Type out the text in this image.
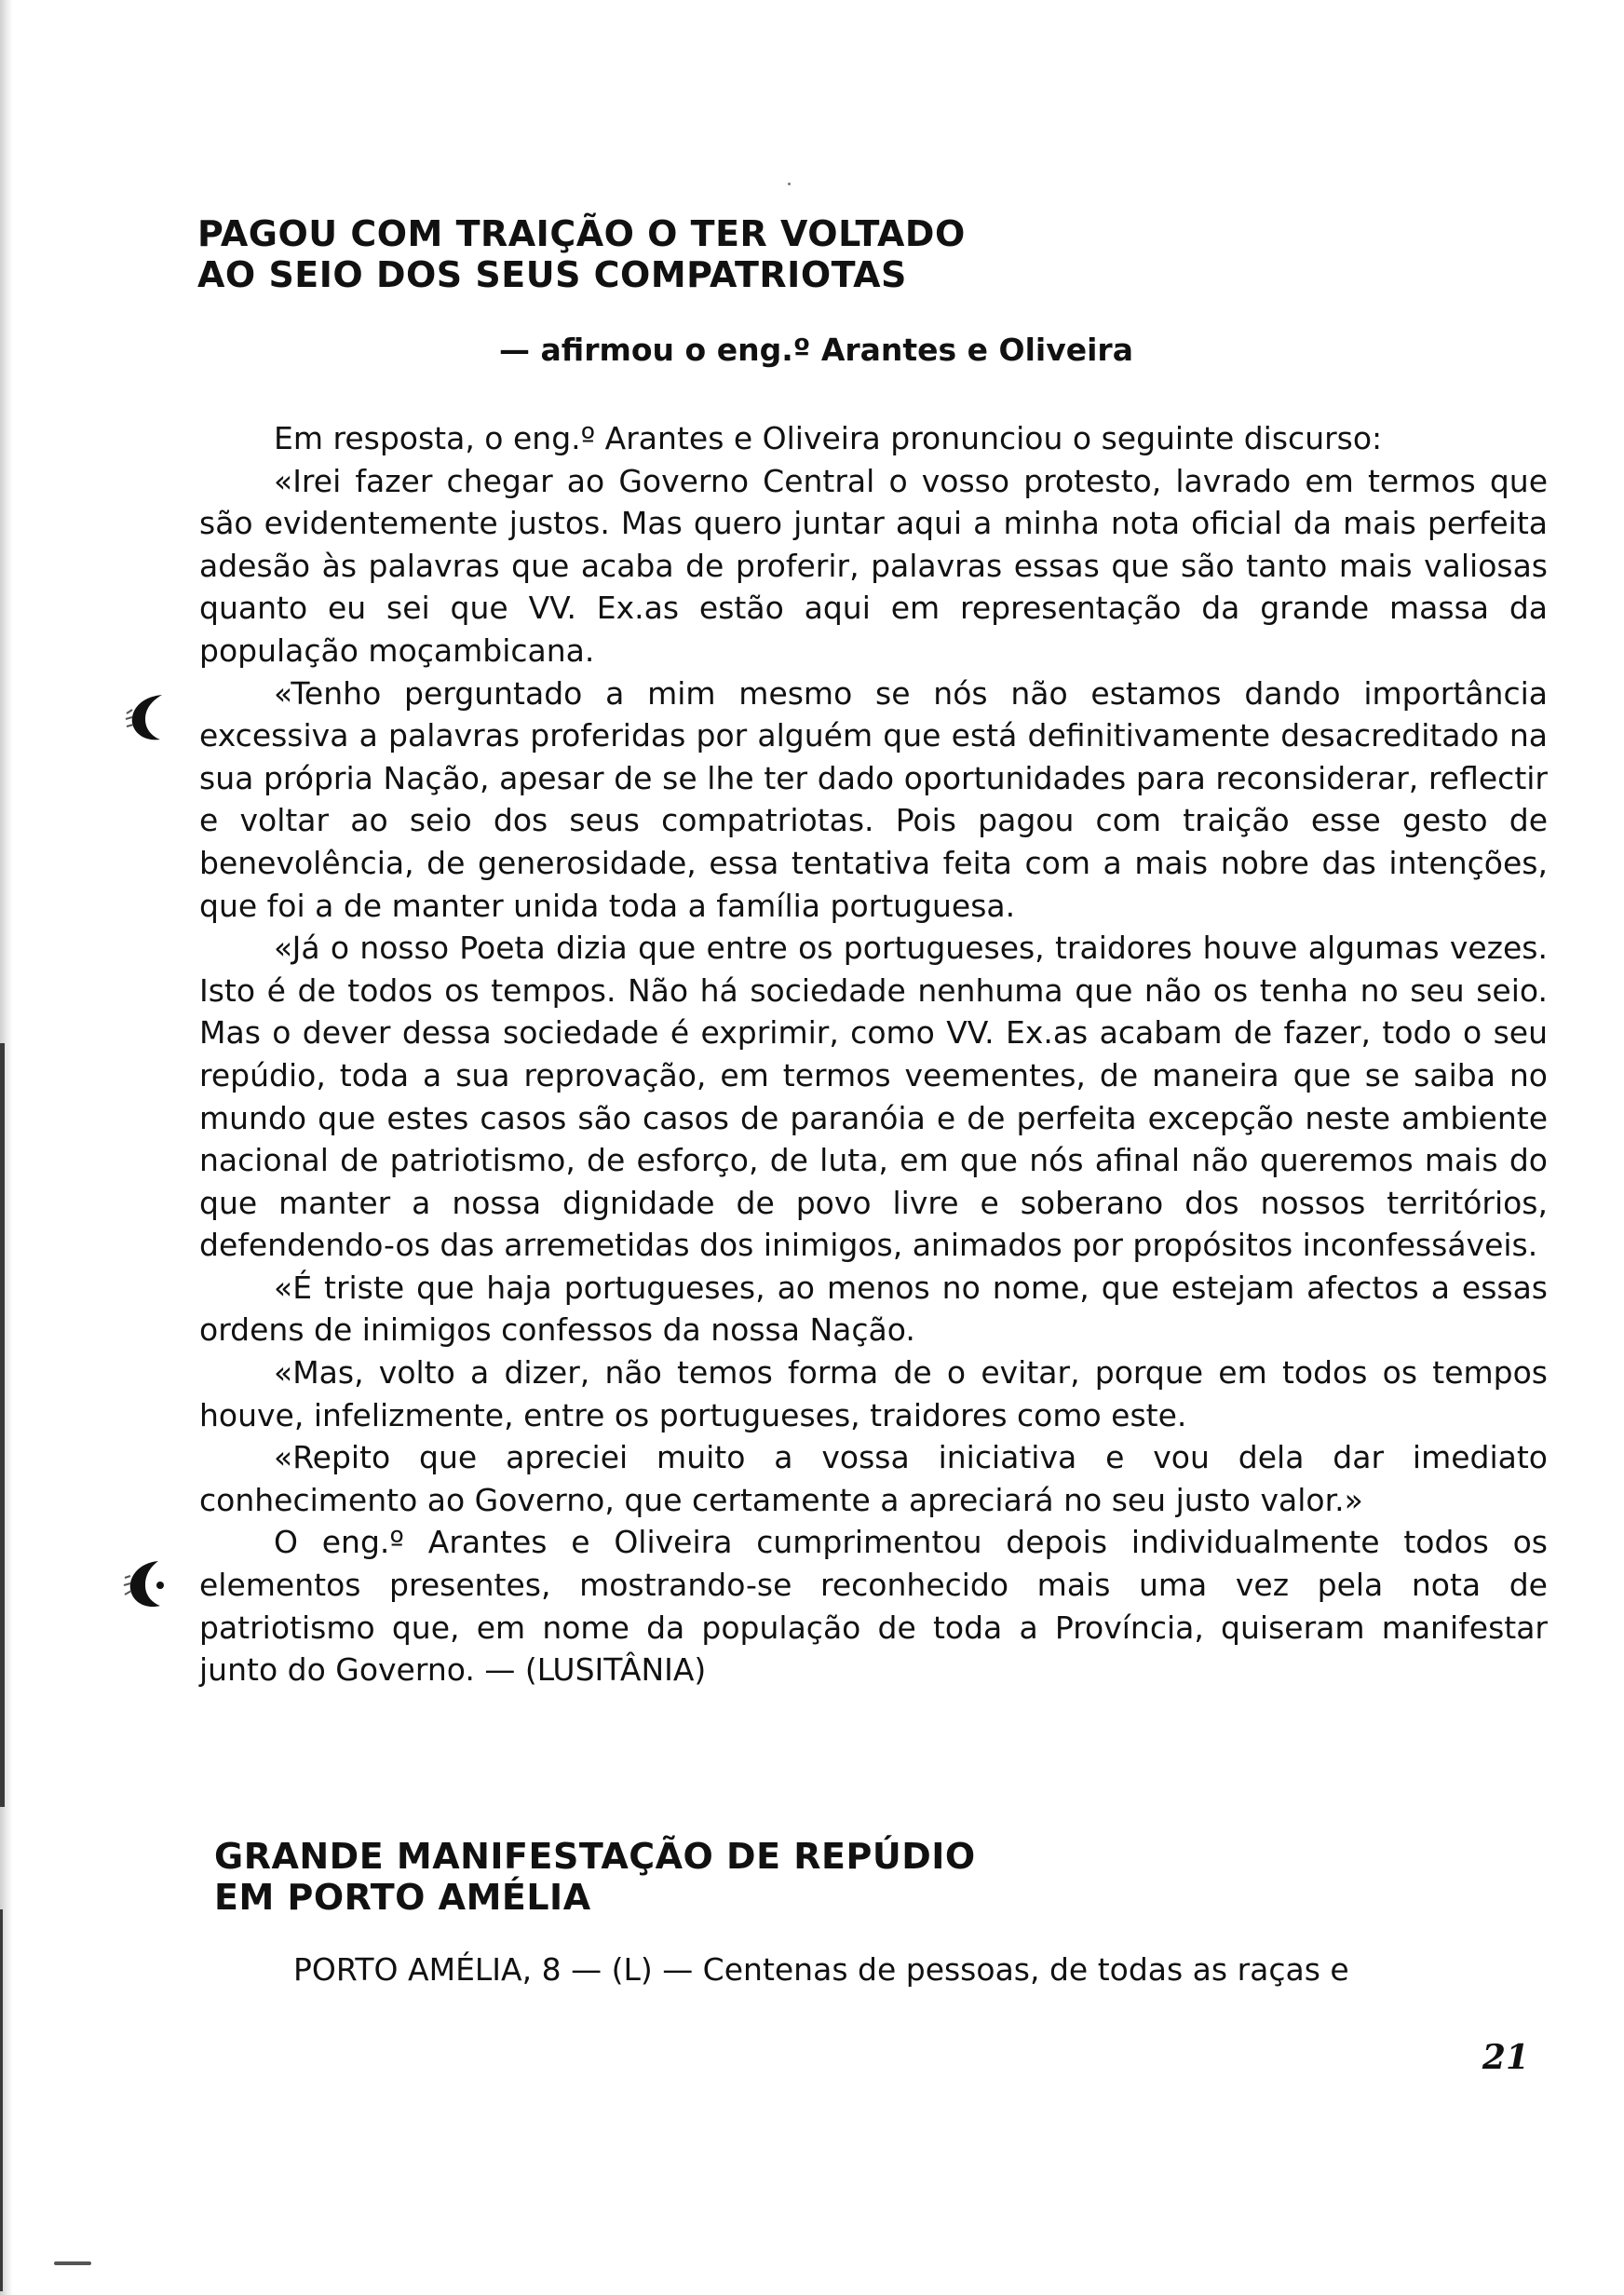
PAGOU COM TRAIÇÃO O TER VOLTADO
AO SEIO DOS SEUS COMPATRIOTAS
— afirmou o eng.º Arantes e Oliveira

Em resposta, o eng.º Arantes e Oliveira pronunciou o seguinte discurso:

«Irei fazer chegar ao Governo Central o vosso protesto, lavrado em termos que são evidentemente justos. Mas quero juntar aqui a minha nota oficial da mais perfeita adesão às palavras que acaba de proferir, palavras essas que são tanto mais valiosas quanto eu sei que VV. Ex.as estão aqui em representação da grande massa da população moçambicana.

«Tenho perguntado a mim mesmo se nós não estamos dando importância excessiva a palavras proferidas por alguém que está definitivamente desacreditado na sua própria Nação, apesar de se lhe ter dado oportunidades para reconsiderar, reflectir e voltar ao seio dos seus compatriotas. Pois pagou com traição esse gesto de benevolência, de generosidade, essa tentativa feita com a mais nobre das intenções, que foi a de manter unida toda a família portuguesa.

«Já o nosso Poeta dizia que entre os portugueses, traidores houve algumas vezes. Isto é de todos os tempos. Não há sociedade nenhuma que não os tenha no seu seio. Mas o dever dessa sociedade é exprimir, como VV. Ex.as acabam de fazer, todo o seu repúdio, toda a sua reprovação, em termos veementes, de maneira que se saiba no mundo que estes casos são casos de paranóia e de perfeita excepção neste ambiente nacional de patriotismo, de esforço, de luta, em que nós afinal não queremos mais do que manter a nossa dignidade de povo livre e soberano dos nossos territórios, defendendo-os das arremetidas dos inimigos, animados por propósitos inconfessáveis.

«É triste que haja portugueses, ao menos no nome, que estejam afectos a essas ordens de inimigos confessos da nossa Nação.

«Mas, volto a dizer, não temos forma de o evitar, porque em todos os tempos houve, infelizmente, entre os portugueses, traidores como este.

«Repito que apreciei muito a vossa iniciativa e vou dela dar imediato conhecimento ao Governo, que certamente a apreciará no seu justo valor.»

O eng.º Arantes e Oliveira cumprimentou depois individualmente todos os elementos presentes, mostrando-se reconhecido mais uma vez pela nota de patriotismo que, em nome da população de toda a Província, quiseram manifestar junto do Governo. — (LUSITÂNIA)

GRANDE MANIFESTAÇÃO DE REPÚDIO
EM PORTO AMÉLIA

PORTO AMÉLIA, 8 — (L) — Centenas de pessoas, de todas as raças e

21
